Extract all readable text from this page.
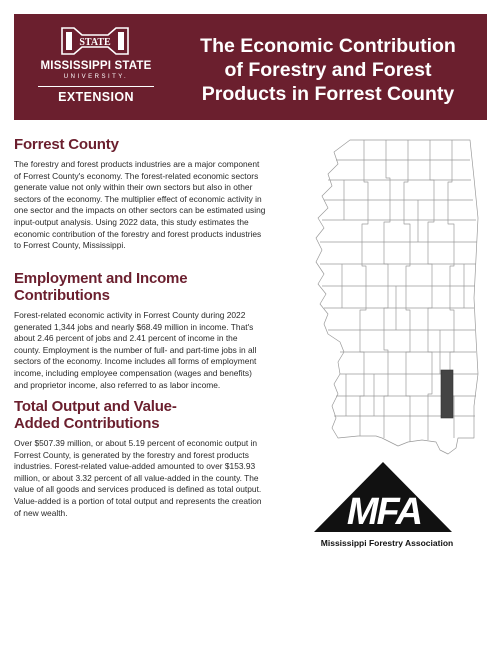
STATE
MISSISSIPPI STATE
UNIVERSITY.
EXTENSION
The Economic Contribution
of Forestry and Forest
Products in Forrest County
Forrest County

The forestry and forest products industries are a major component of Forrest County's economy. The forest-related economic sectors generate value not only within their own sectors but also in other sectors of the economy. The multiplier effect of economic activity in one sector and the impacts on other sectors can be estimated using input-output analysis. Using 2022 data, this study estimates the economic contribution of the forestry and forest products industries to Forrest County, Mississippi.

Employment and Income Contributions

Forest-related economic activity in Forrest County during 2022 generated 1,344 jobs and nearly $68.49 million in income. That's about 2.46 percent of jobs and 2.41 percent of income in the county. Employment is the number of full- and part-time jobs in all sectors of the economy. Income includes all forms of employment income, including employee compensation (wages and benefits) and proprietor income, also referred to as labor income.

Total Output and Value-
Added Contributions

Over $507.39 million, or about 5.19 percent of economic output in Forrest County, is generated by the forestry and forest products industries. Forest-related value-added amounted to over $153.93 million, or about 3.32 percent of all value-added in the county. The value of all goods and services produced is defined as total output. Value-added is a portion of total output and represents the creation of new wealth.	MFA
Mississippi Forestry Association
